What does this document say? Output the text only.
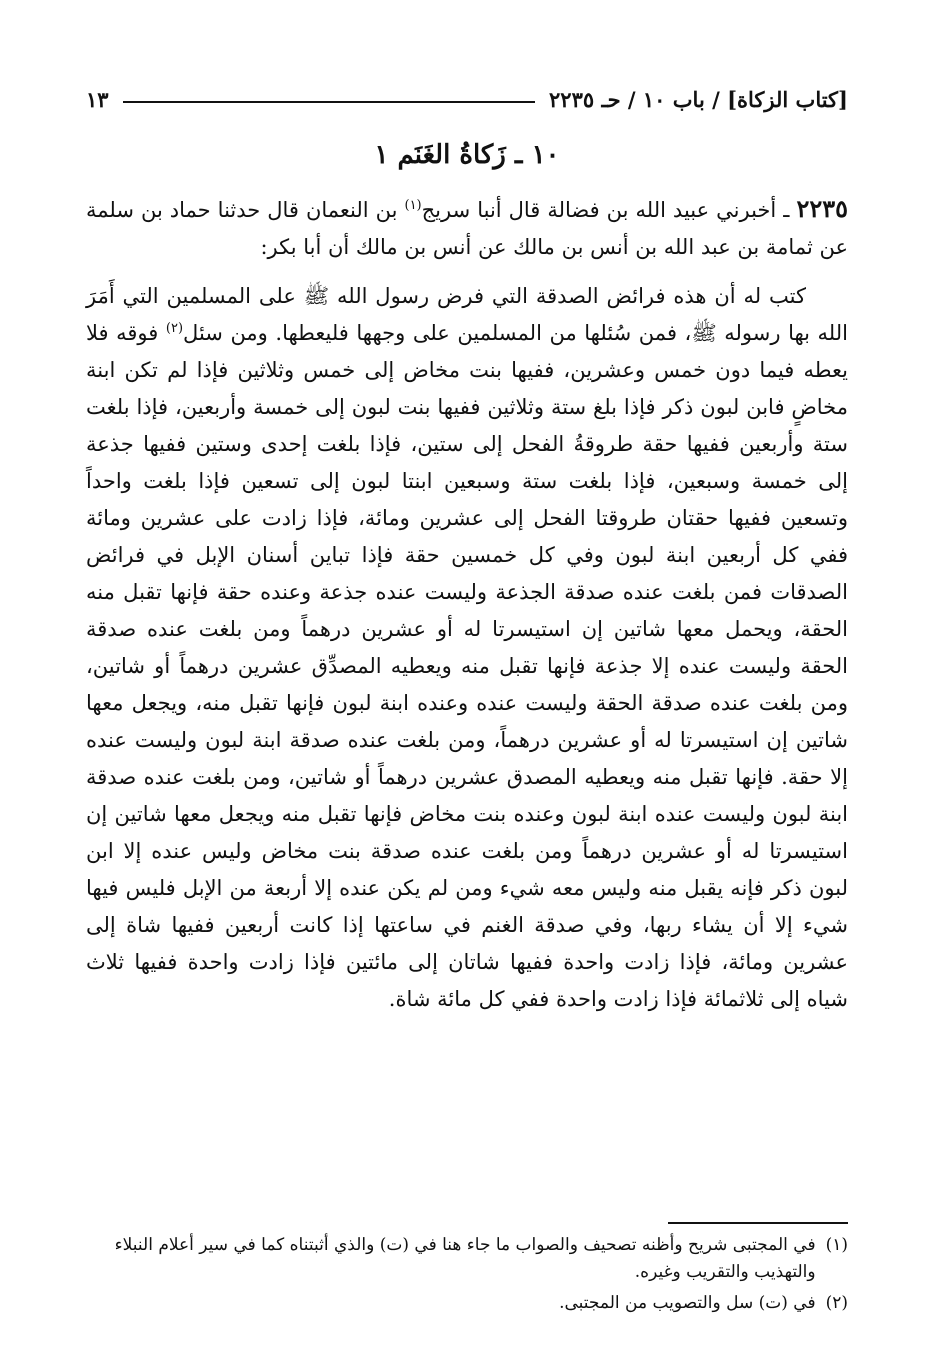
[كتاب الزكاة] / باب ١٠ / حـ ٢٢٣٥
١٣
١٠ ـ زَكاةُ الغَنَم ١

٢٢٣٥ ـ أخبرني عبيد الله بن فضالة قال أنبا سريج$^{(١)}$ بن النعمان قال حدثنا حماد بن سلمة عن ثمامة بن عبد الله بن أنس بن مالك عن أنس بن مالك أن أبا بكر:

كتب له أن هذه فرائض الصدقة التي فرض رسول الله ﷺ على المسلمين التي أَمَرَ الله بها رسوله ﷺ، فمن سُئلها من المسلمين على وجهها فليعطها. ومن سئل$^{(٢)}$ فوقه فلا يعطه فيما دون خمس وعشرين، ففيها بنت مخاض إلى خمس وثلاثين فإذا لم تكن ابنة مخاضٍ فابن لبون ذكر فإذا بلغ ستة وثلاثين ففيها بنت لبون إلى خمسة وأربعين، فإذا بلغت ستة وأربعين ففيها حقة طروقةُ الفحل إلى ستين، فإذا بلغت إحدى وستين ففيها جذعة إلى خمسة وسبعين، فإذا بلغت ستة وسبعين ابنتا لبون إلى تسعين فإذا بلغت واحداً وتسعين ففيها حقتان طروقتا الفحل إلى عشرين ومائة، فإذا زادت على عشرين ومائة ففي كل أربعين ابنة لبون وفي كل خمسين حقة فإذا تباين أسنان الإبل في فرائض الصدقات فمن بلغت عنده صدقة الجذعة وليست عنده جذعة وعنده حقة فإنها تقبل منه الحقة، ويحمل معها شاتين إن استيسرتا له أو عشرين درهماً ومن بلغت عنده صدقة الحقة وليست عنده إلا جذعة فإنها تقبل منه ويعطيه المصدِّق عشرين درهماً أو شاتين، ومن بلغت عنده صدقة الحقة وليست عنده وعنده ابنة لبون فإنها تقبل منه، ويجعل معها شاتين إن استيسرتا له أو عشرين درهماً، ومن بلغت عنده صدقة ابنة لبون وليست عنده إلا حقة. فإنها تقبل منه ويعطيه المصدق عشرين درهماً أو شاتين، ومن بلغت عنده صدقة ابنة لبون وليست عنده ابنة لبون وعنده بنت مخاض فإنها تقبل منه ويجعل معها شاتين إن استيسرتا له أو عشرين درهماً ومن بلغت عنده صدقة بنت مخاض وليس عنده إلا ابن لبون ذكر فإنه يقبل منه وليس معه شيء ومن لم يكن عنده إلا أربعة من الإبل فليس فيها شيء إلا أن يشاء ربها، وفي صدقة الغنم في ساعتها إذا كانت أربعين ففيها شاة إلى عشرين ومائة، فإذا زادت واحدة ففيها شاتان إلى مائتين فإذا زادت واحدة ففيها ثلاث شياه إلى ثلاثمائة فإذا زادت واحدة ففي كل مائة شاة.

(١)
في المجتبى شريح وأظنه تصحيف والصواب ما جاء هنا في (ت) والذي أثبتناه كما في سير أعلام النبلاء والتهذيب والتقريب وغيره.
(٢)
في (ت) سل والتصويب من المجتبى.
